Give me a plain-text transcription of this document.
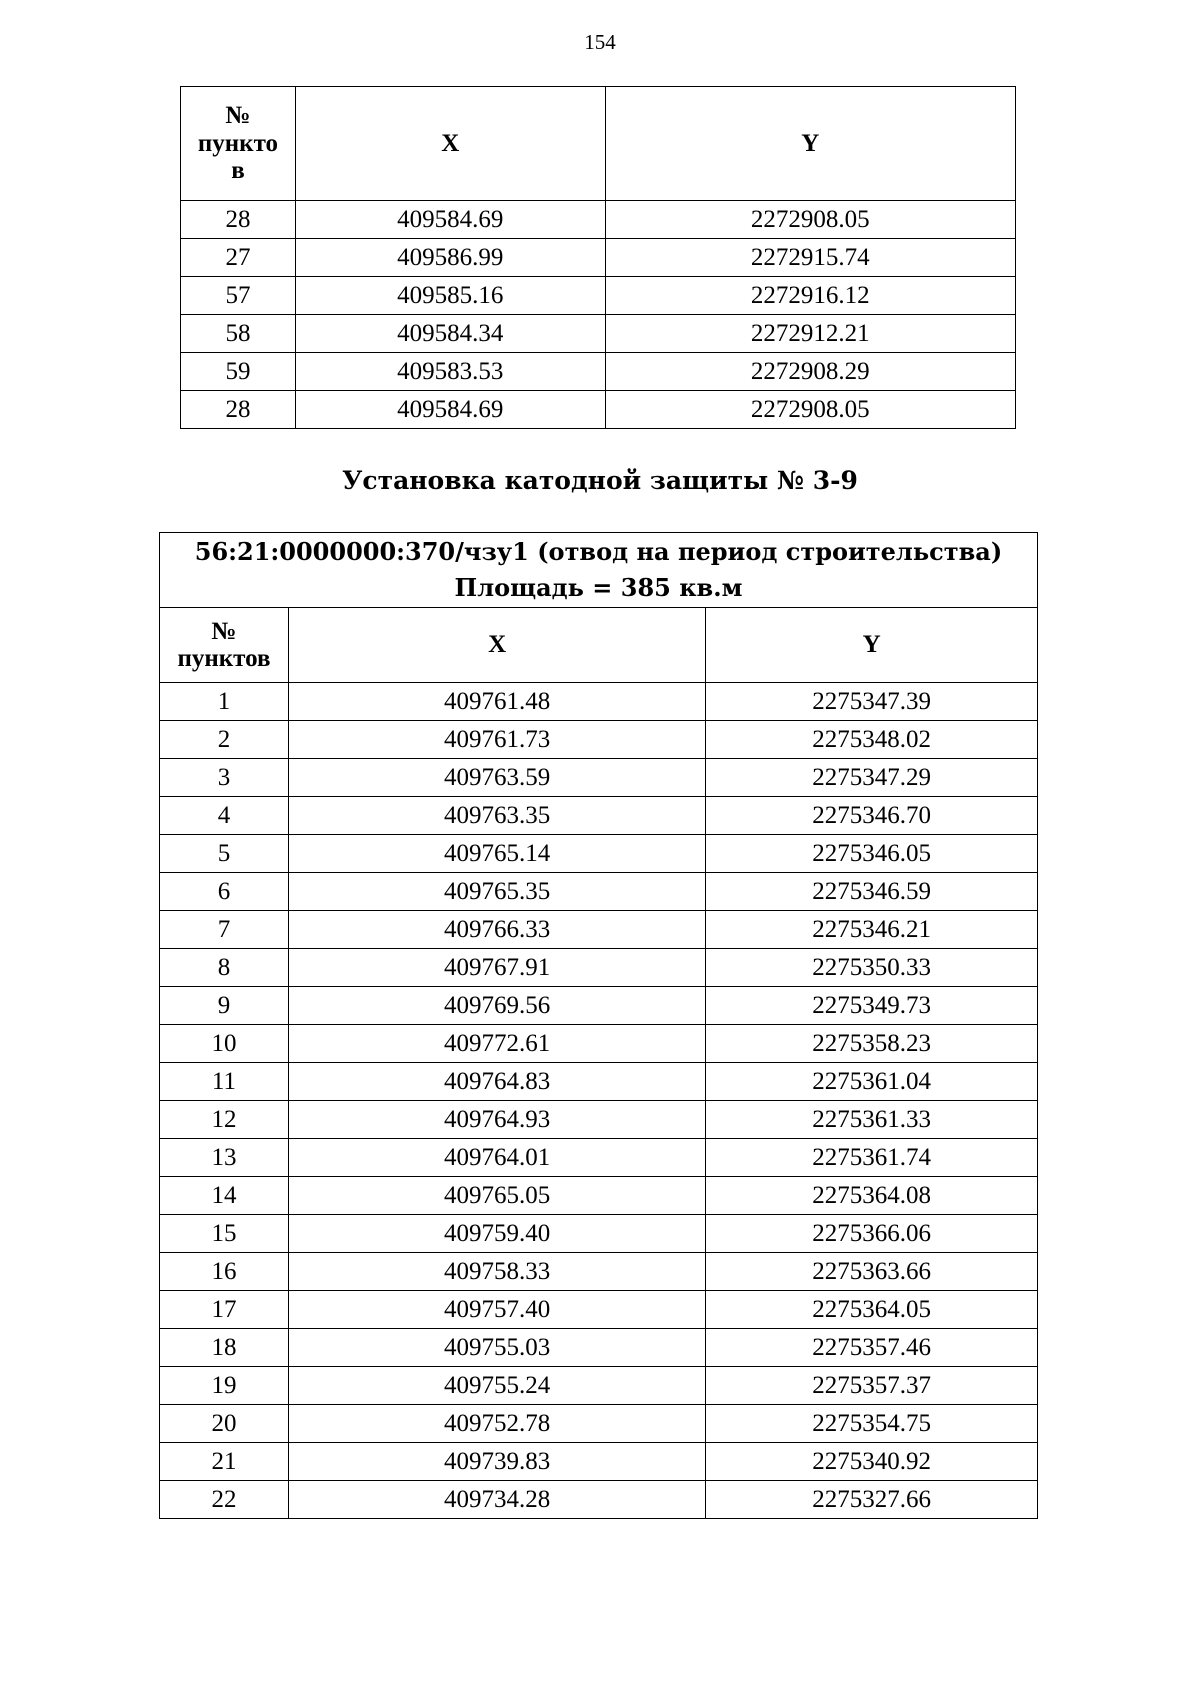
154
№
пункто
в	X	Y
28	409584.69	2272908.05
27	409586.99	2272915.74
57	409585.16	2272916.12
58	409584.34	2272912.21
59	409583.53	2272908.29
28	409584.69	2272908.05
Установка катодной защиты № 3-9
56:21:0000000:370/чзу1 (отвод на период строительства)
Площадь = 385 кв.м		

№
пунктов	X	Y
1	409761.48	2275347.39
2	409761.73	2275348.02
3	409763.59	2275347.29
4	409763.35	2275346.70
5	409765.14	2275346.05
6	409765.35	2275346.59
7	409766.33	2275346.21
8	409767.91	2275350.33
9	409769.56	2275349.73
10	409772.61	2275358.23
11	409764.83	2275361.04
12	409764.93	2275361.33
13	409764.01	2275361.74
14	409765.05	2275364.08
15	409759.40	2275366.06
16	409758.33	2275363.66
17	409757.40	2275364.05
18	409755.03	2275357.46
19	409755.24	2275357.37
20	409752.78	2275354.75
21	409739.83	2275340.92
22	409734.28	2275327.66
